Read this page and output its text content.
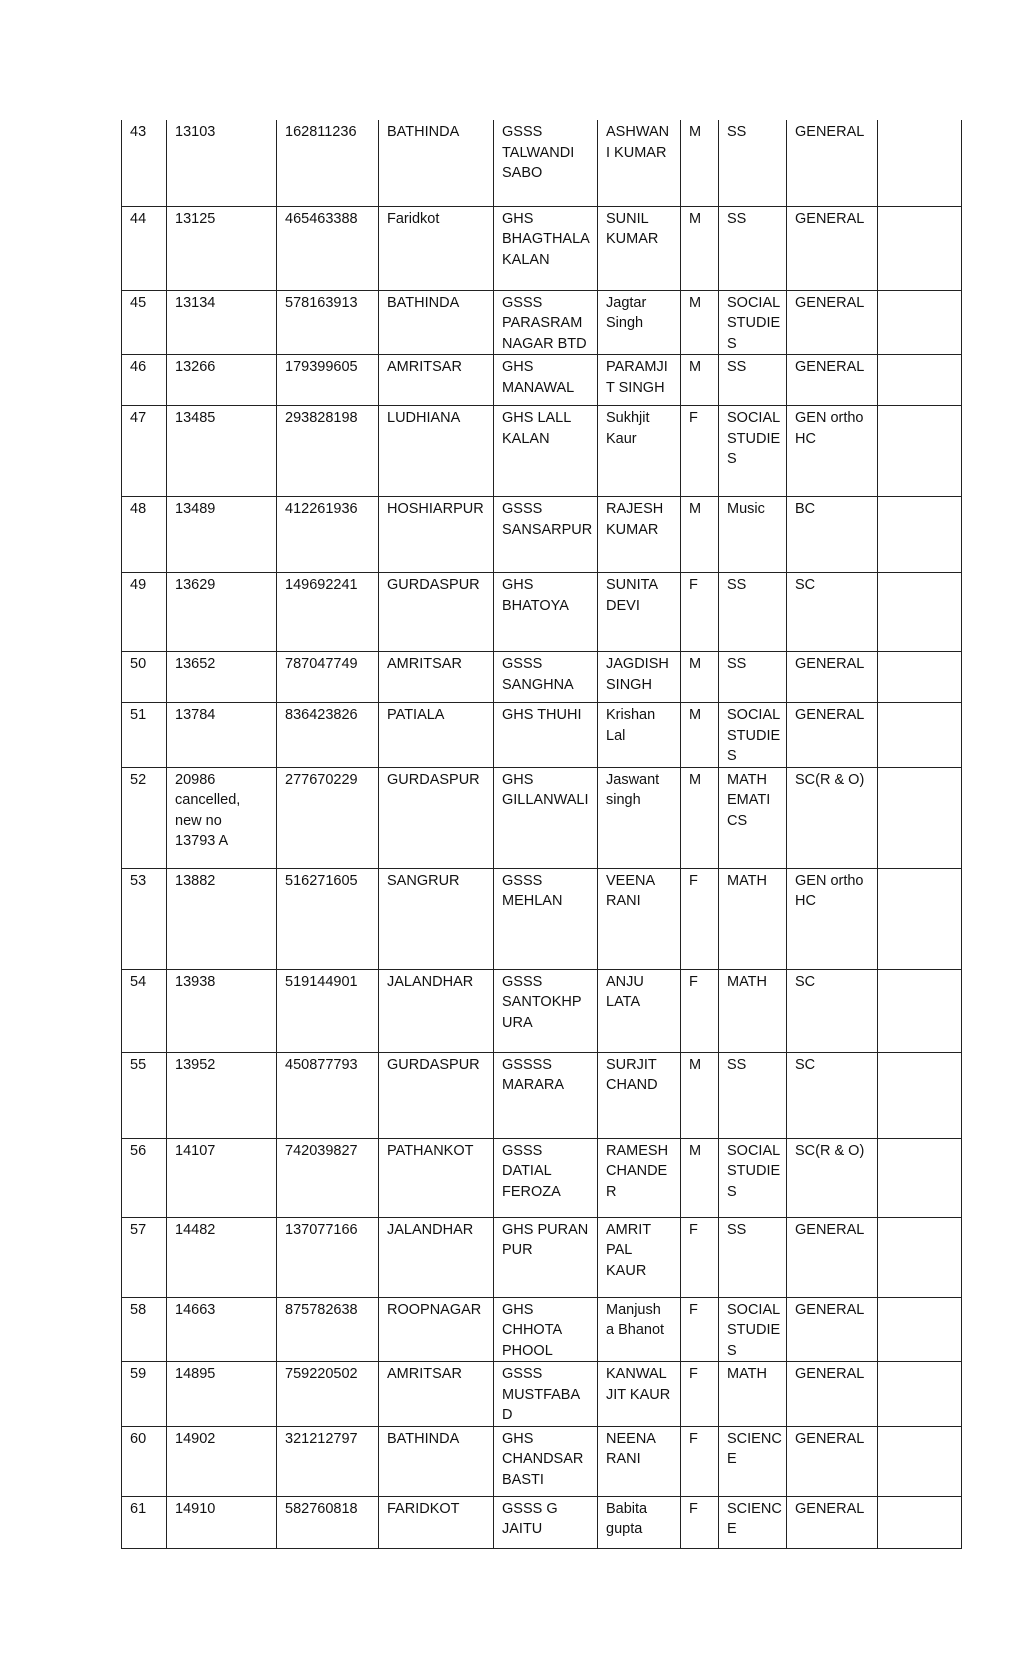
43	13103	162811236	BATHINDA	GSSS
TALWANDI
SABO	ASHWAN
I KUMAR	M	SS	GENERAL	

44	13125	465463388	Faridkot	GHS
BHAGTHALA
KALAN	SUNIL
KUMAR	M	SS	GENERAL	

45	13134	578163913	BATHINDA	GSSS
PARASRAM
NAGAR BTD	Jagtar
Singh	M	SOCIAL
STUDIE
S	GENERAL	

46	13266	179399605	AMRITSAR	GHS
MANAWAL	PARAMJI
T SINGH	M	SS	GENERAL	

47	13485	293828198	LUDHIANA	GHS LALL
KALAN	Sukhjit
Kaur	F	SOCIAL
STUDIE
S	GEN ortho
HC	

48	13489	412261936	HOSHIARPUR	GSSS
SANSARPUR	RAJESH
KUMAR	M	Music	BC	

49	13629	149692241	GURDASPUR	GHS
BHATOYA	SUNITA
DEVI	F	SS	SC	

50	13652	787047749	AMRITSAR	GSSS
SANGHNA	JAGDISH
SINGH	M	SS	GENERAL	

51	13784	836423826	PATIALA	GHS THUHI	Krishan
Lal	M	SOCIAL
STUDIE
S	GENERAL	

52	20986
cancelled,
new no
13793 A	277670229	GURDASPUR	GHS
GILLANWALI	Jaswant
singh	M	MATH
EMATI
CS	SC(R & O)	

53	13882	516271605	SANGRUR	GSSS
MEHLAN	VEENA
RANI	F	MATH	GEN ortho
HC	

54	13938	519144901	JALANDHAR	GSSS
SANTOKHP
URA	ANJU
LATA	F	MATH	SC	

55	13952	450877793	GURDASPUR	GSSSS
MARARA	SURJIT
CHAND	M	SS	SC	

56	14107	742039827	PATHANKOT	GSSS
DATIAL
FEROZA	RAMESH
CHANDE
R	M	SOCIAL
STUDIE
S	SC(R & O)	

57	14482	137077166	JALANDHAR	GHS PURAN
PUR	AMRIT
PAL
KAUR	F	SS	GENERAL	

58	14663	875782638	ROOPNAGAR	GHS
CHHOTA
PHOOL	Manjush
a Bhanot	F	SOCIAL
STUDIE
S	GENERAL	

59	14895	759220502	AMRITSAR	GSSS
MUSTFABA
D	KANWAL
JIT KAUR	F	MATH	GENERAL	

60	14902	321212797	BATHINDA	GHS
CHANDSAR
BASTI	NEENA
RANI	F	SCIENC
E	GENERAL	

61	14910	582760818	FARIDKOT	GSSS G
JAITU	Babita
gupta	F	SCIENC
E	GENERAL	
